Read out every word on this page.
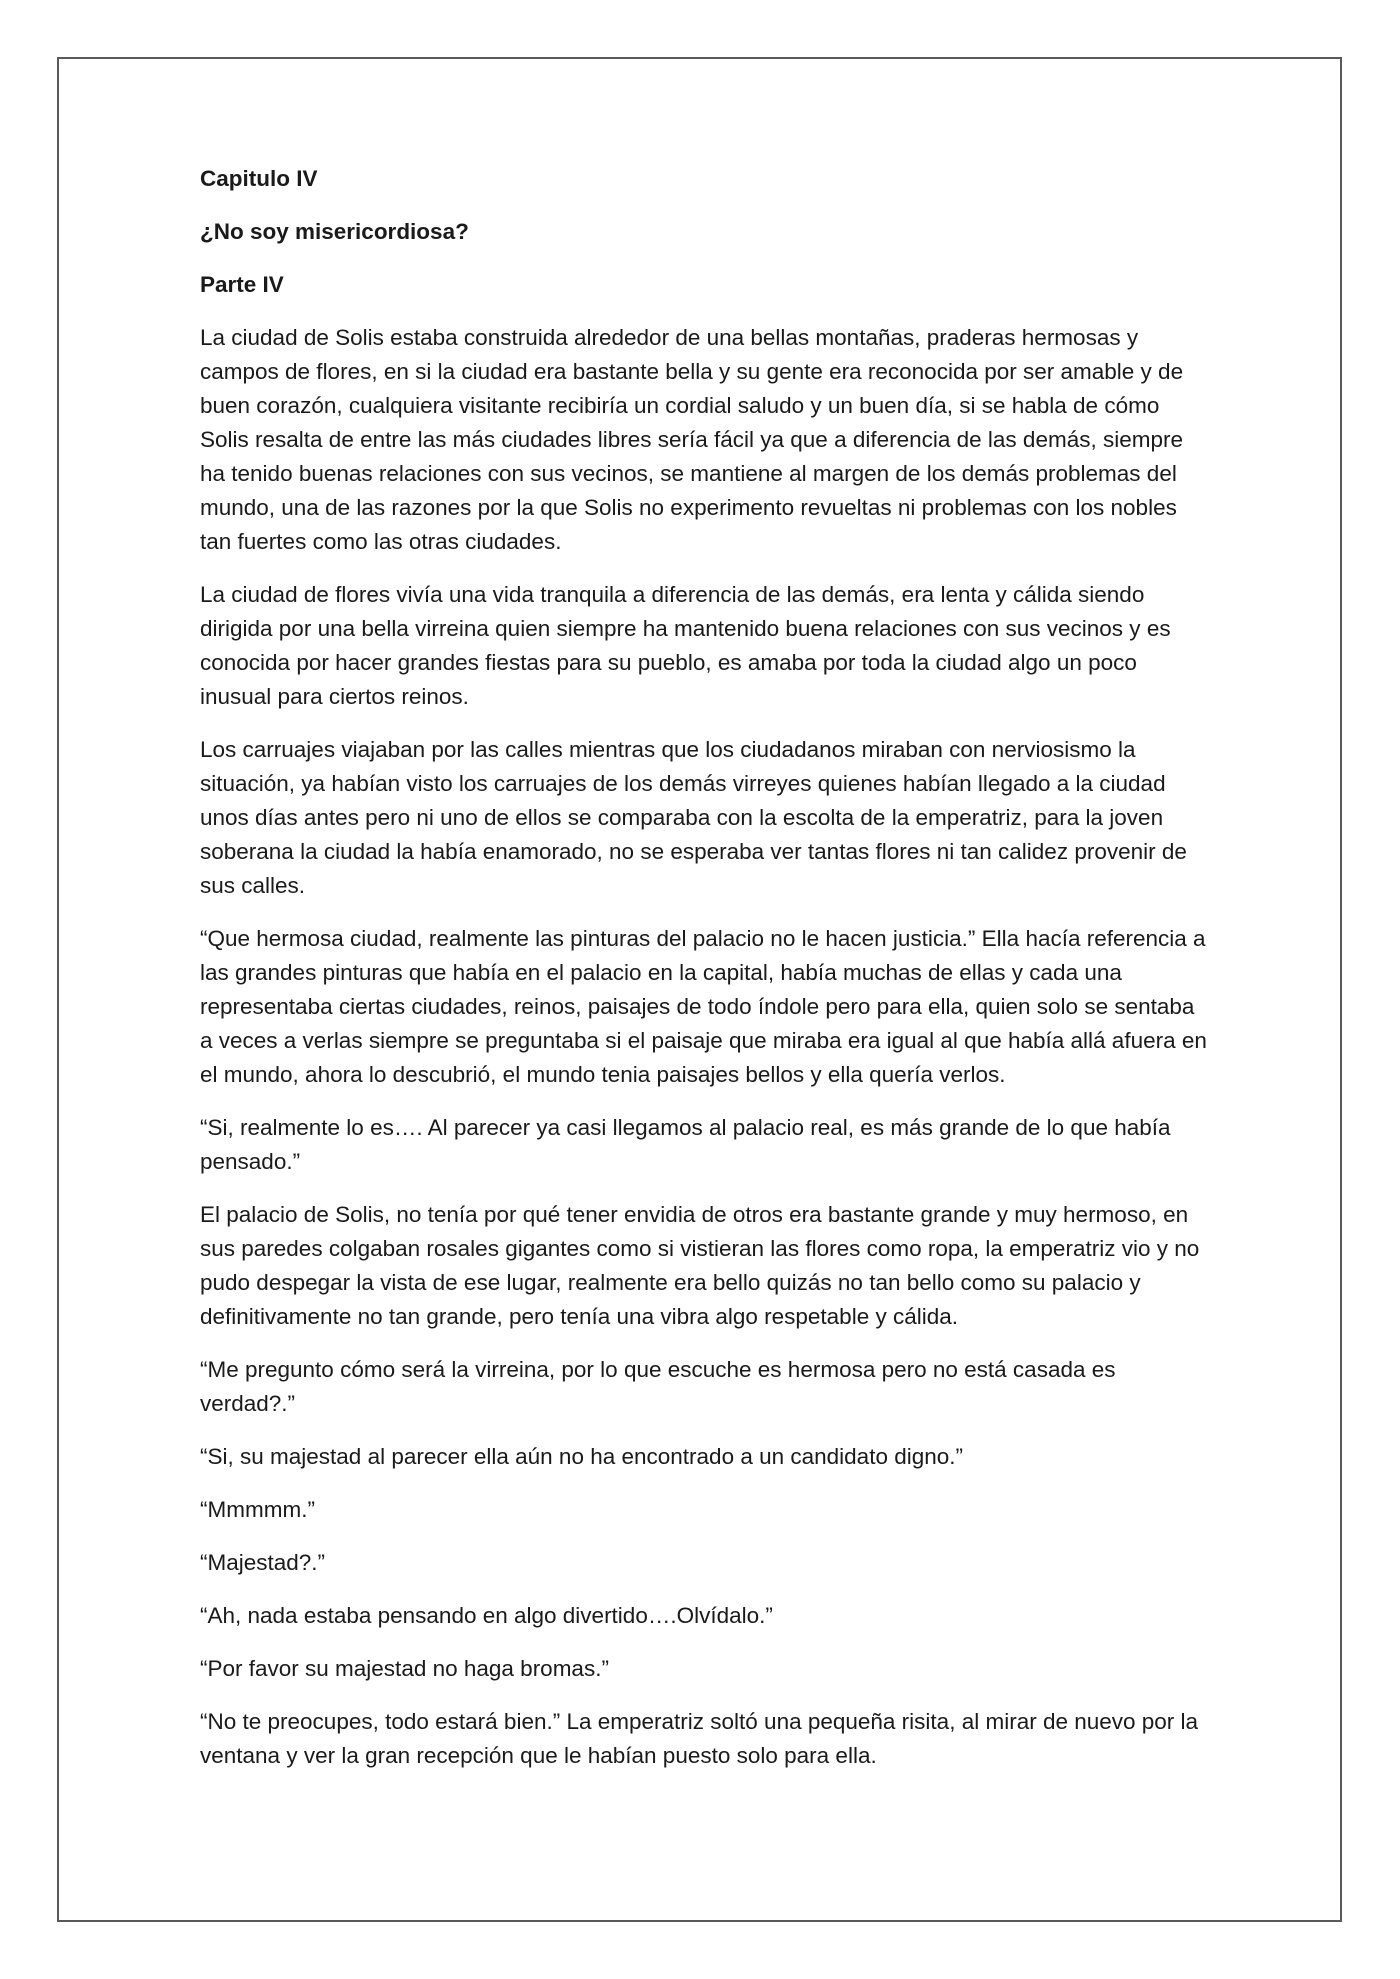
Capitulo IV

¿No soy misericordiosa?

Parte IV

La ciudad de Solis estaba construida alrededor de una bellas montañas, praderas hermosas y campos de flores, en si la ciudad era bastante bella y su gente era reconocida por ser amable y de buen corazón, cualquiera visitante recibiría un cordial saludo y un buen día, si se habla de cómo Solis resalta de entre las más ciudades libres sería fácil ya que a diferencia de las demás, siempre ha tenido buenas relaciones con sus vecinos, se mantiene al margen de los demás problemas del mundo, una de las razones por la que Solis no experimento revueltas ni problemas con los nobles tan fuertes como las otras ciudades.

La ciudad de flores vivía una vida tranquila a diferencia de las demás, era lenta y cálida siendo dirigida por una bella virreina quien siempre ha mantenido buena relaciones con sus vecinos y es conocida por hacer grandes fiestas para su pueblo, es amaba por toda la ciudad algo un poco inusual para ciertos reinos.

Los carruajes viajaban por las calles mientras que los ciudadanos miraban con nerviosismo la situación, ya habían visto los carruajes de los demás virreyes quienes habían llegado a la ciudad unos días antes pero ni uno de ellos se comparaba con la escolta de la emperatriz, para la joven soberana la ciudad la había enamorado, no se esperaba ver tantas flores ni tan calidez provenir de sus calles.

“Que hermosa ciudad, realmente las pinturas del palacio no le hacen justicia.” Ella hacía referencia a las grandes pinturas que había en el palacio en la capital, había muchas de ellas y cada una representaba ciertas ciudades, reinos, paisajes de todo índole pero para ella, quien solo se sentaba a veces a verlas siempre se preguntaba si el paisaje que miraba era igual al que había allá afuera en el mundo, ahora lo descubrió, el mundo tenia paisajes bellos y ella quería verlos.

“Si, realmente lo es…. Al parecer ya casi llegamos al palacio real, es más grande de lo que había pensado.”

El palacio de Solis, no tenía por qué tener envidia de otros era bastante grande y muy hermoso, en sus paredes colgaban rosales gigantes como si vistieran las flores como ropa, la emperatriz vio y no pudo despegar la vista de ese lugar, realmente era bello quizás no tan bello como su palacio y definitivamente no tan grande, pero tenía una vibra algo respetable y cálida.

“Me pregunto cómo será la virreina, por lo que escuche es hermosa pero no está casada es verdad?.”

“Si, su majestad al parecer ella aún no ha encontrado a un candidato digno.”

“Mmmmm.”

“Majestad?.”

“Ah, nada estaba pensando en algo divertido….Olvídalo.”

“Por favor su majestad no haga bromas.”

“No te preocupes, todo estará bien.” La emperatriz soltó una pequeña risita, al mirar de nuevo por la ventana y ver la gran recepción que le habían puesto solo para ella.
